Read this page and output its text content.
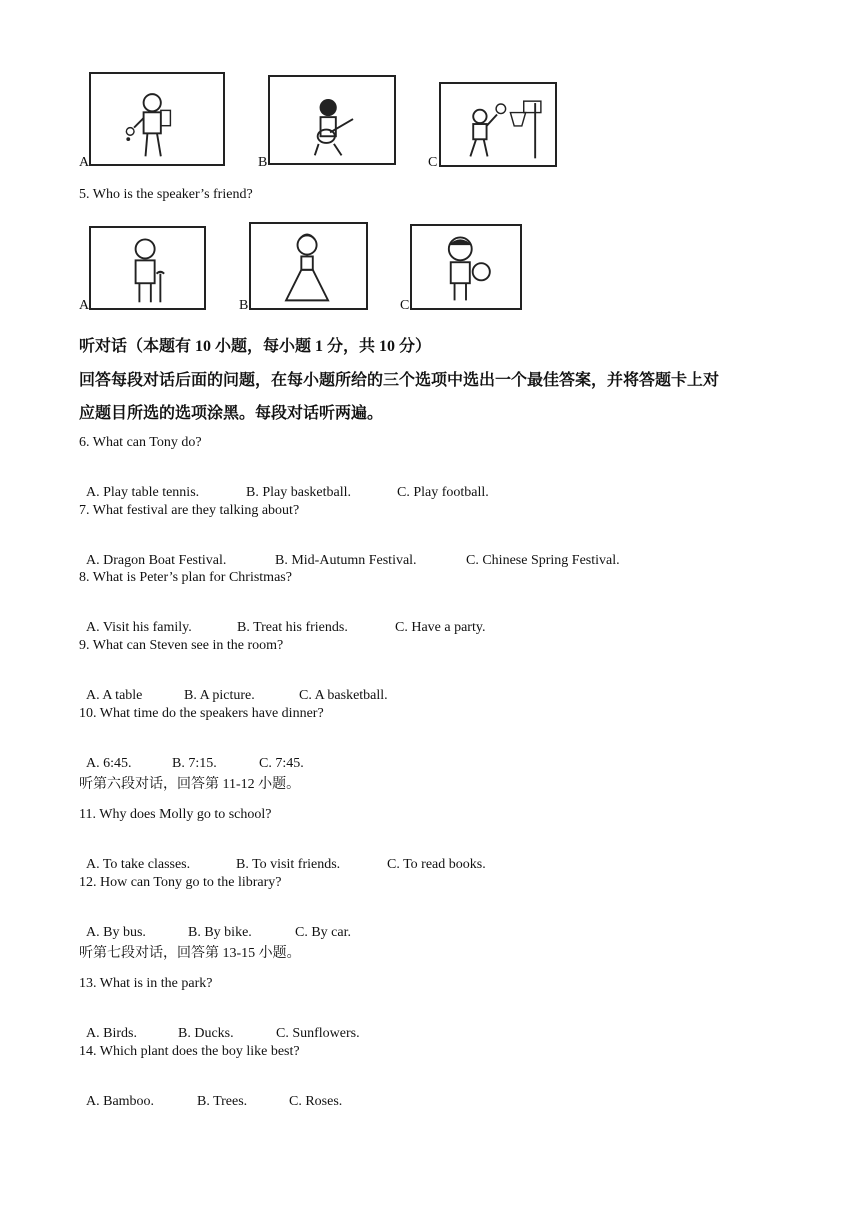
A	B	C
5. Who is the speaker’s friend?
A	B	C
听对话（本题有 10 小题，每小题 1 分，共 10 分）
回答每段对话后面的问题，在每小题所给的三个选项中选出一个最佳答案，并将答题卡上对
应题目所选的选项涂黑。每段对话听两遍。
6. What can Tony do?

A. Play table tennis.	B. Play basketball.	C. Play football.

7. What festival are they talking about?

A. Dragon Boat Festival.	B. Mid-Autumn Festival.	C. Chinese Spring Festival.

8. What is Peter’s plan for Christmas?

A. Visit his family.	B. Treat his friends.	C. Have a party.

9. What can Steven see in the room?

A. A table	B. A picture.	C. A basketball.

10. What time do the speakers have dinner?

A. 6:45.	B. 7:15.	C. 7:45.

听第六段对话，回答第 11-12 小题。
11. Why does Molly go to school?

A. To take classes.	B. To visit friends.	C. To read books.

12. How can Tony go to the library?

A. By bus.	B. By bike.	C. By car.

听第七段对话，回答第 13-15 小题。
13. What is in the park?

A. Birds.	B. Ducks.	C. Sunflowers.

14. Which plant does the boy like best?

A. Bamboo.	B. Trees.	C. Roses.
